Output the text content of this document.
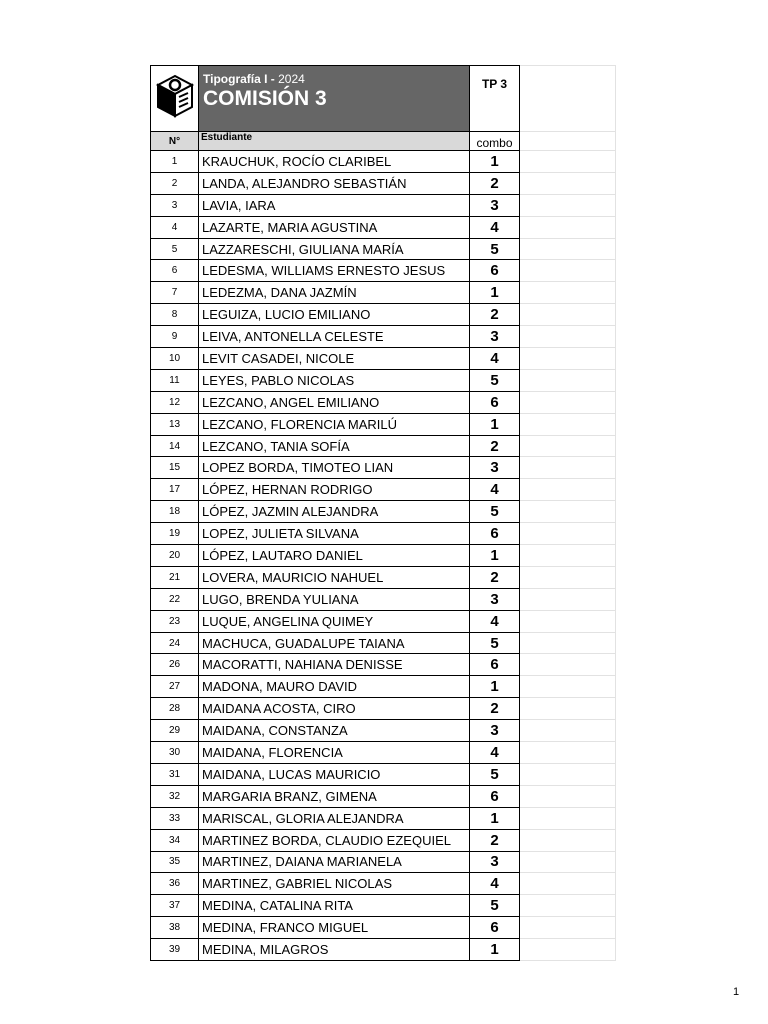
Tipografía I - 2024
COMISIÓN 3	TP 3	
N°	Estudiante	combo	
1	KRAUCHUK, ROCÍO CLARIBEL	1	
2	LANDA, ALEJANDRO SEBASTIÁN	2	
3	LAVIA, IARA	3	
4	LAZARTE, MARIA AGUSTINA	4	
5	LAZZARESCHI, GIULIANA MARÍA	5	
6	LEDESMA, WILLIAMS ERNESTO JESUS	6	
7	LEDEZMA, DANA JAZMÍN	1	
8	LEGUIZA, LUCIO EMILIANO	2	
9	LEIVA, ANTONELLA CELESTE	3	
10	LEVIT CASADEI, NICOLE	4	
11	LEYES, PABLO NICOLAS	5	
12	LEZCANO, ANGEL EMILIANO	6	
13	LEZCANO, FLORENCIA MARILÚ	1	
14	LEZCANO, TANIA SOFÍA	2	
15	LOPEZ BORDA, TIMOTEO LIAN	3	
17	LÓPEZ, HERNAN RODRIGO	4	
18	LÓPEZ, JAZMIN ALEJANDRA	5	
19	LOPEZ, JULIETA SILVANA	6	
20	LÓPEZ, LAUTARO DANIEL	1	
21	LOVERA, MAURICIO NAHUEL	2	
22	LUGO, BRENDA YULIANA	3	
23	LUQUE, ANGELINA QUIMEY	4	
24	MACHUCA, GUADALUPE TAIANA	5	
26	MACORATTI, NAHIANA DENISSE	6	
27	MADONA, MAURO DAVID	1	
28	MAIDANA ACOSTA, CIRO	2	
29	MAIDANA, CONSTANZA	3	
30	MAIDANA, FLORENCIA	4	
31	MAIDANA, LUCAS MAURICIO	5	
32	MARGARIA BRANZ, GIMENA	6	
33	MARISCAL, GLORIA ALEJANDRA	1	
34	MARTINEZ BORDA, CLAUDIO EZEQUIEL	2	
35	MARTINEZ, DAIANA MARIANELA	3	
36	MARTINEZ, GABRIEL NICOLAS	4	
37	MEDINA, CATALINA RITA	5	
38	MEDINA, FRANCO MIGUEL	6	
39	MEDINA, MILAGROS	1	
1
